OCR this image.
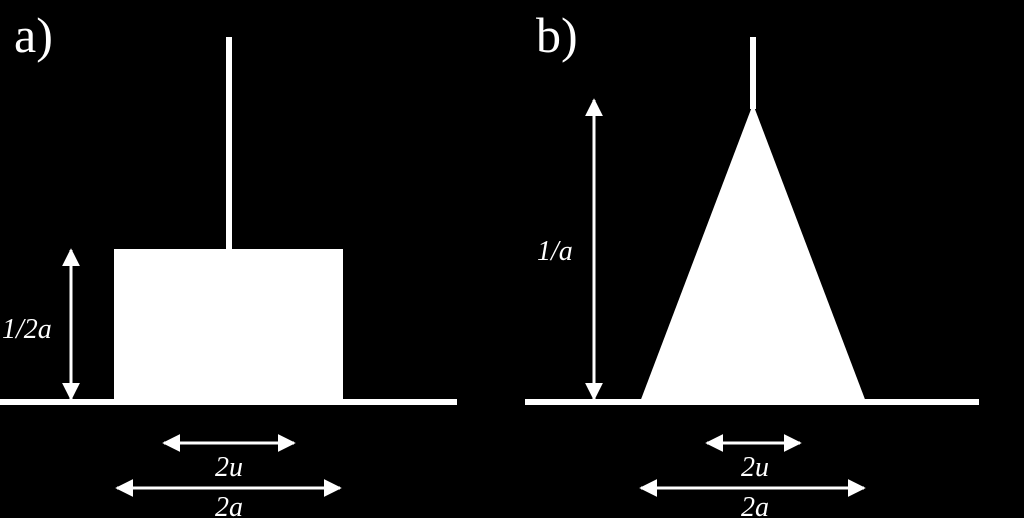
a)
1/2a
2u
2a
b)
1/a
2u
2a
